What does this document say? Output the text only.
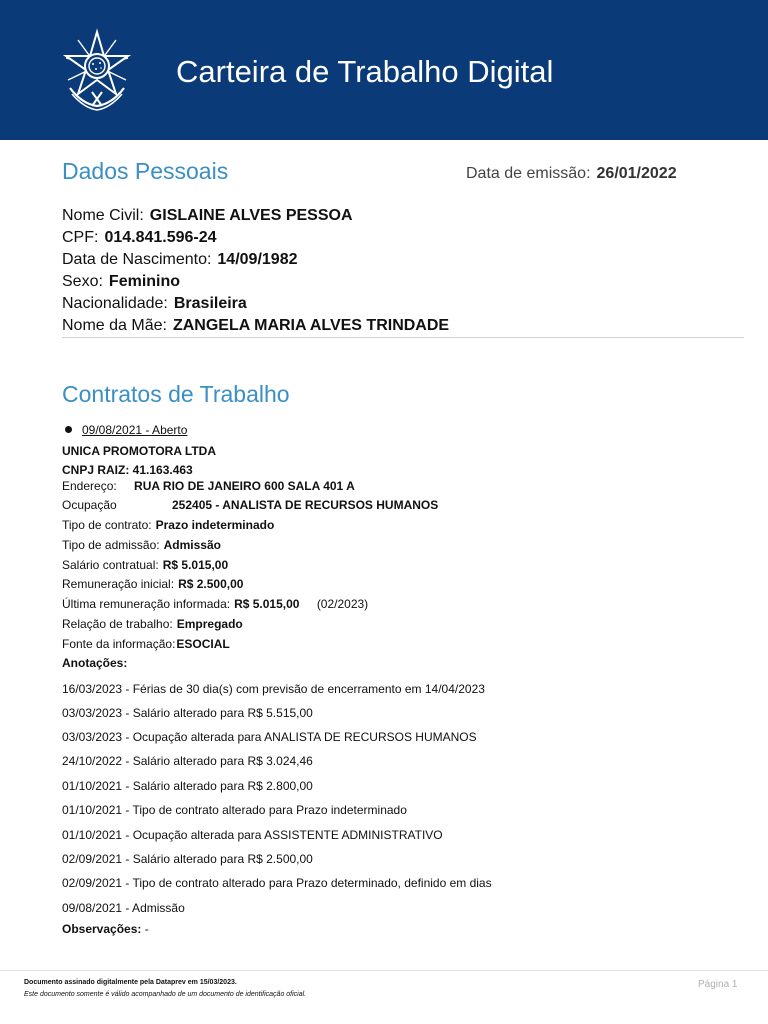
Carteira de Trabalho Digital
Dados Pessoais	Data de emissão: 26/01/2022
Nome Civil: GISLAINE ALVES PESSOA
CPF: 014.841.596-24
Data de Nascimento: 14/09/1982
Sexo: Feminino
Nacionalidade: Brasileira
Nome da Mãe: ZANGELA MARIA ALVES TRINDADE
Contratos de Trabalho
09/08/2021 - Aberto
UNICA PROMOTORA LTDA
CNPJ RAIZ: 41.163.463
Endereço: RUA RIO DE JANEIRO 600 SALA 401 A
Ocupação	252405 - ANALISTA DE RECURSOS HUMANOS
Tipo de contrato: Prazo indeterminado
Tipo de admissão: Admissão
Salário contratual: R$ 5.015,00
Remuneração inicial: R$ 2.500,00
Última remuneração informada: R$ 5.015,00 (02/2023)
Relação de trabalho: Empregado
Fonte da informação:ESOCIAL
Anotações:
16/03/2023 - Férias de 30 dia(s) com previsão de encerramento em 14/04/2023
03/03/2023 - Salário alterado para R$ 5.515,00
03/03/2023 - Ocupação alterada para ANALISTA DE RECURSOS HUMANOS
24/10/2022 - Salário alterado para R$ 3.024,46
01/10/2021 - Salário alterado para R$ 2.800,00
01/10/2021 - Tipo de contrato alterado para Prazo indeterminado
01/10/2021 - Ocupação alterada para ASSISTENTE ADMINISTRATIVO
02/09/2021 - Salário alterado para R$ 2.500,00
02/09/2021 - Tipo de contrato alterado para Prazo determinado, definido em dias
09/08/2021 - Admissão
Observações: -
Documento assinado digitalmente pela Dataprev em 15/03/2023.
Este documento somente é válido acompanhado de um documento de identificação oficial.
Página 1
